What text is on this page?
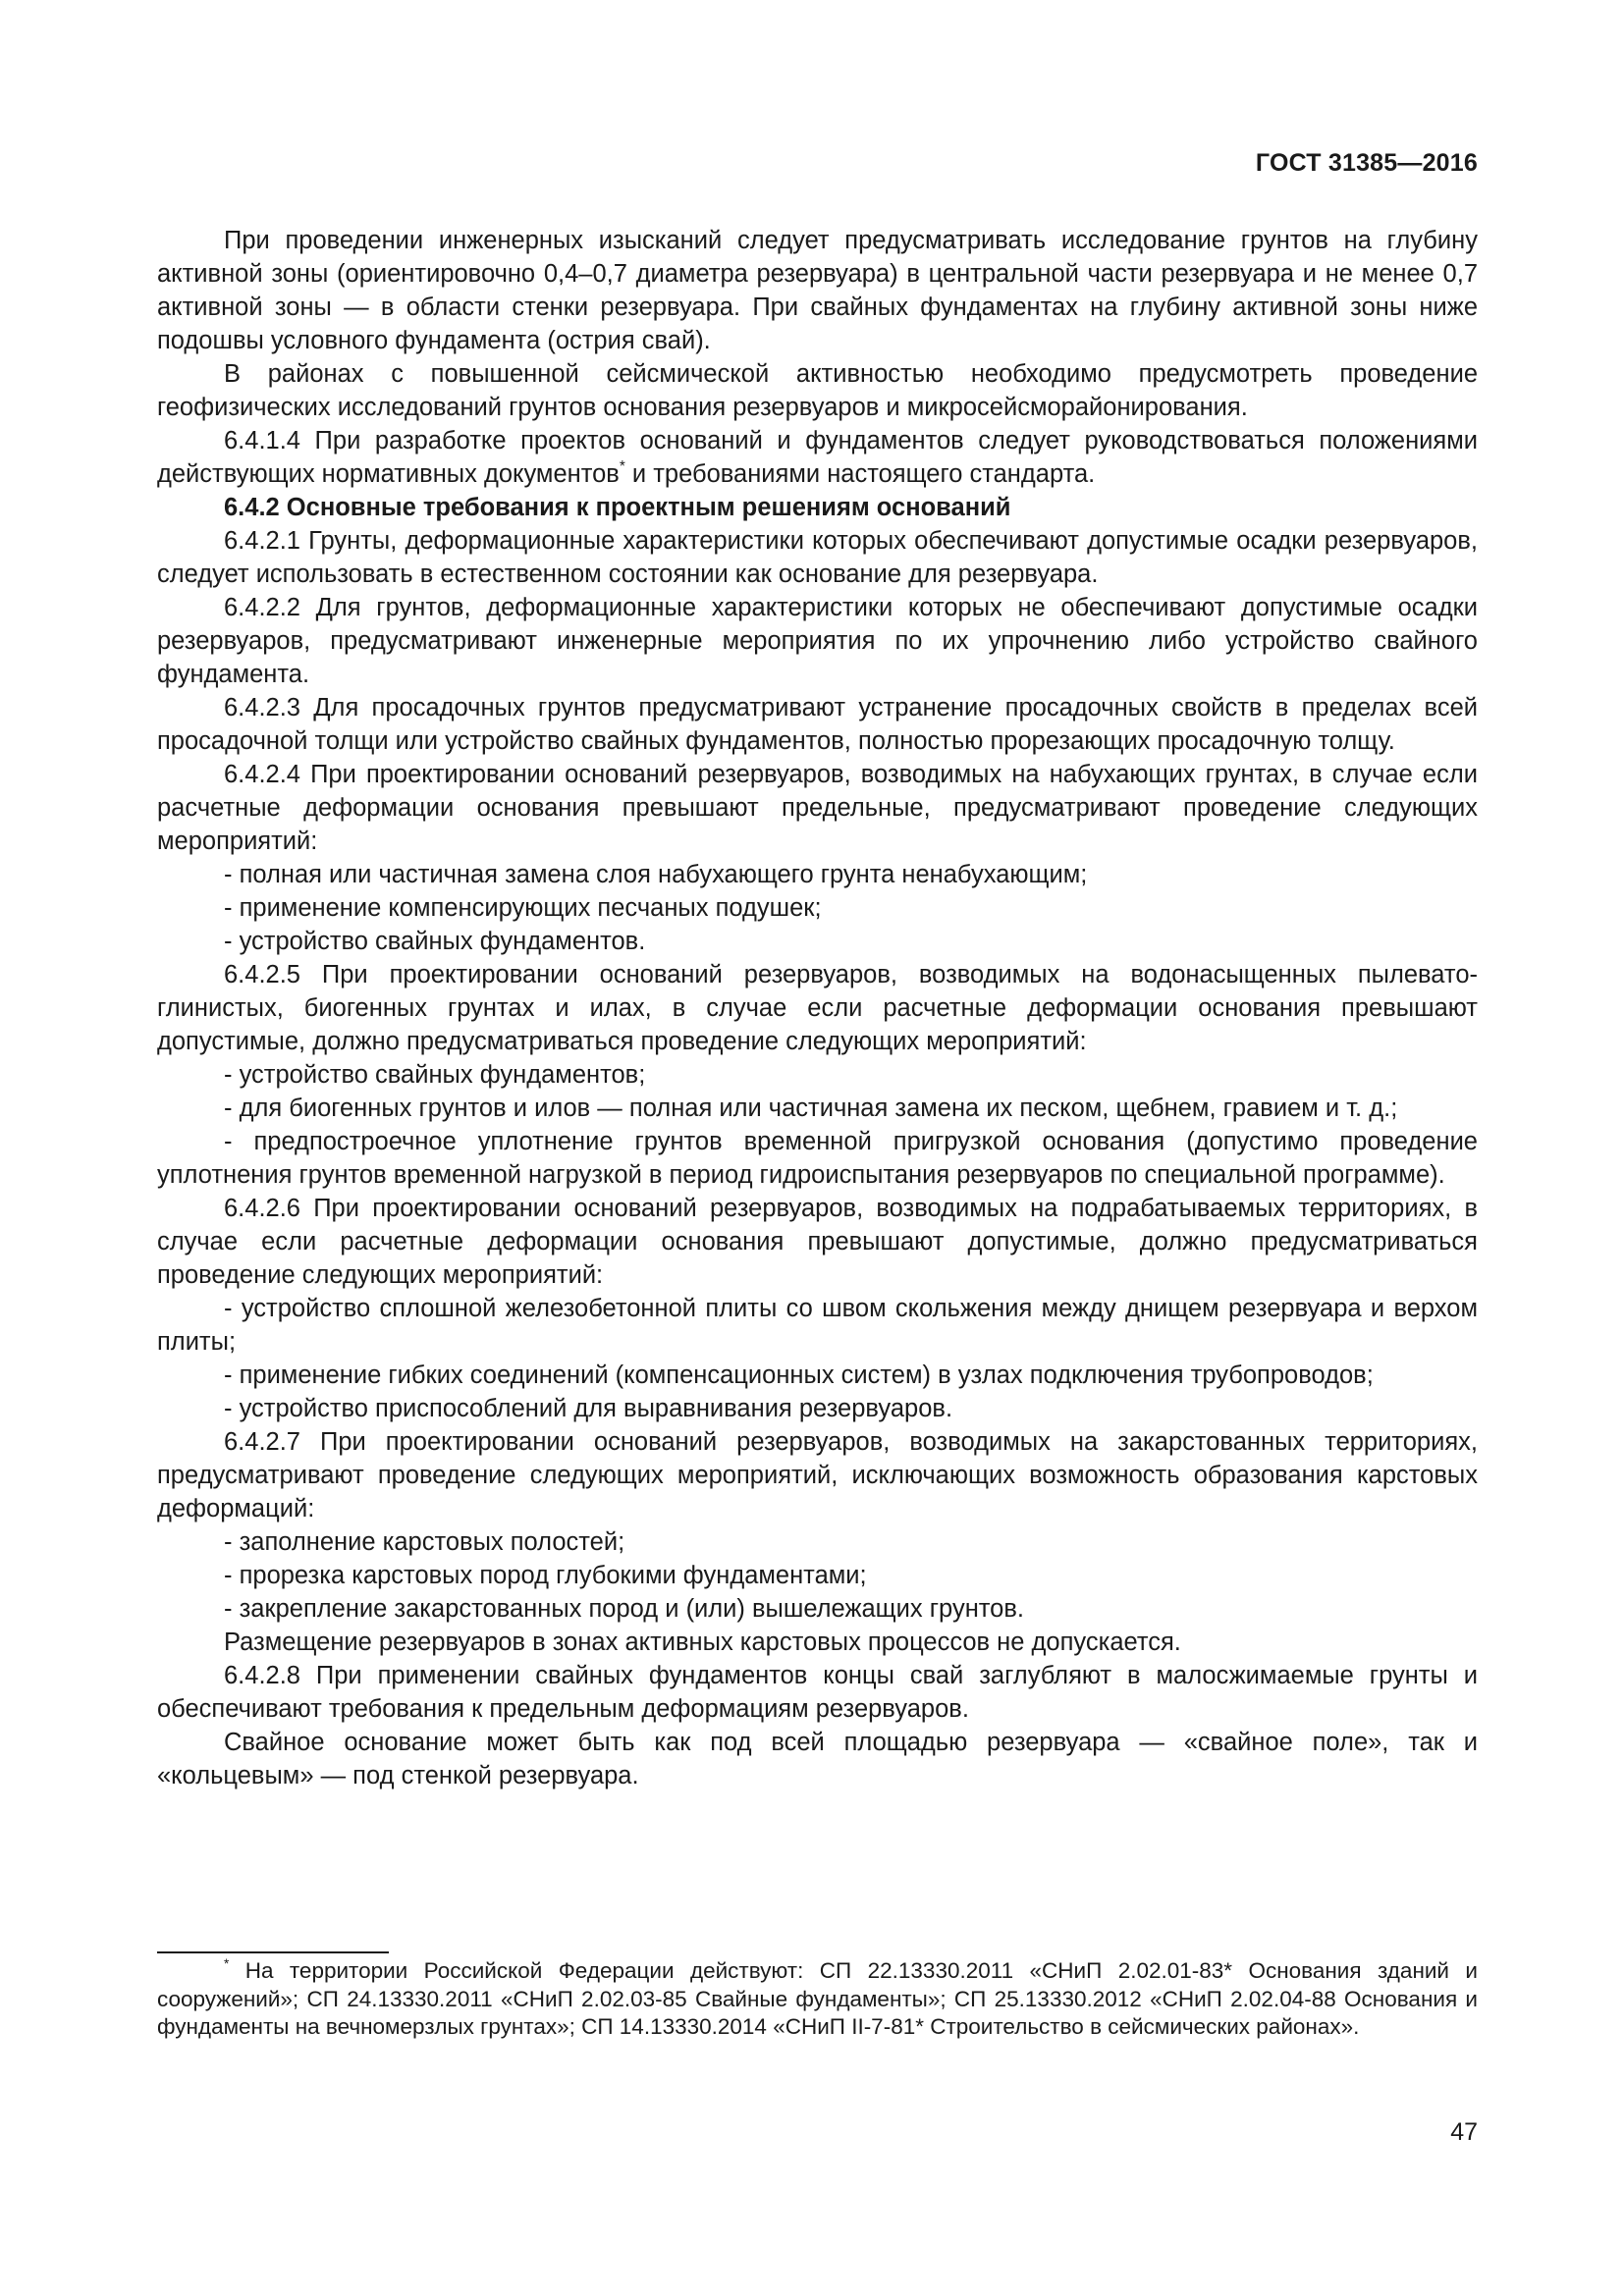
ГОСТ 31385—2016

При проведении инженерных изысканий следует предусматривать исследование грунтов на глубину активной зоны (ориентировочно 0,4–0,7 диаметра резервуара) в центральной части резервуара и не менее 0,7 активной зоны — в области стенки резервуара. При свайных фундаментах на глубину активной зоны ниже подошвы условного фундамента (острия свай).

В районах с повышенной сейсмической активностью необходимо предусмотреть проведение геофизических исследований грунтов основания резервуаров и микросейсморайонирования.

6.4.1.4 При разработке проектов оснований и фундаментов следует руководствоваться положениями действующих нормативных документов* и требованиями настоящего стандарта.

6.4.2 Основные требования к проектным решениям оснований

6.4.2.1 Грунты, деформационные характеристики которых обеспечивают допустимые осадки резервуаров, следует использовать в естественном состоянии как основание для резервуара.

6.4.2.2 Для грунтов, деформационные характеристики которых не обеспечивают допустимые осадки резервуаров, предусматривают инженерные мероприятия по их упрочнению либо устройство свайного фундамента.

6.4.2.3 Для просадочных грунтов предусматривают устранение просадочных свойств в пределах всей просадочной толщи или устройство свайных фундаментов, полностью прорезающих просадочную толщу.

6.4.2.4 При проектировании оснований резервуаров, возводимых на набухающих грунтах, в случае если расчетные деформации основания превышают предельные, предусматривают проведение следующих мероприятий:

- полная или частичная замена слоя набухающего грунта ненабухающим;

- применение компенсирующих песчаных подушек;

- устройство свайных фундаментов.

6.4.2.5 При проектировании оснований резервуаров, возводимых на водонасыщенных пылевато-глинистых, биогенных грунтах и илах, в случае если расчетные деформации основания превышают допустимые, должно предусматриваться проведение следующих мероприятий:

- устройство свайных фундаментов;

- для биогенных грунтов и илов — полная или частичная замена их песком, щебнем, гравием и т. д.;

- предпостроечное уплотнение грунтов временной пригрузкой основания (допустимо проведение уплотнения грунтов временной нагрузкой в период гидроиспытания резервуаров по специальной программе).

6.4.2.6 При проектировании оснований резервуаров, возводимых на подрабатываемых территориях, в случае если расчетные деформации основания превышают допустимые, должно предусматриваться проведение следующих мероприятий:

- устройство сплошной железобетонной плиты со швом скольжения между днищем резервуара и верхом плиты;

- применение гибких соединений (компенсационных систем) в узлах подключения трубопроводов;

- устройство приспособлений для выравнивания резервуаров.

6.4.2.7 При проектировании оснований резервуаров, возводимых на закарстованных территориях, предусматривают проведение следующих мероприятий, исключающих возможность образования карстовых деформаций:

- заполнение карстовых полостей;

- прорезка карстовых пород глубокими фундаментами;

- закрепление закарстованных пород и (или) вышележащих грунтов.

Размещение резервуаров в зонах активных карстовых процессов не допускается.

6.4.2.8 При применении свайных фундаментов концы свай заглубляют в малосжимаемые грунты и обеспечивают требования к предельным деформациям резервуаров.

Свайное основание может быть как под всей площадью резервуара — «свайное поле», так и «кольцевым» — под стенкой резервуара.

* На территории Российской Федерации действуют: СП 22.13330.2011 «СНиП 2.02.01-83* Основания зданий и сооружений»; СП 24.13330.2011 «СНиП 2.02.03-85 Свайные фундаменты»; СП 25.13330.2012 «СНиП 2.02.04-88 Основания и фундаменты на вечномерзлых грунтах»; СП 14.13330.2014 «СНиП II-7-81* Строительство в сейсмических районах».

47
